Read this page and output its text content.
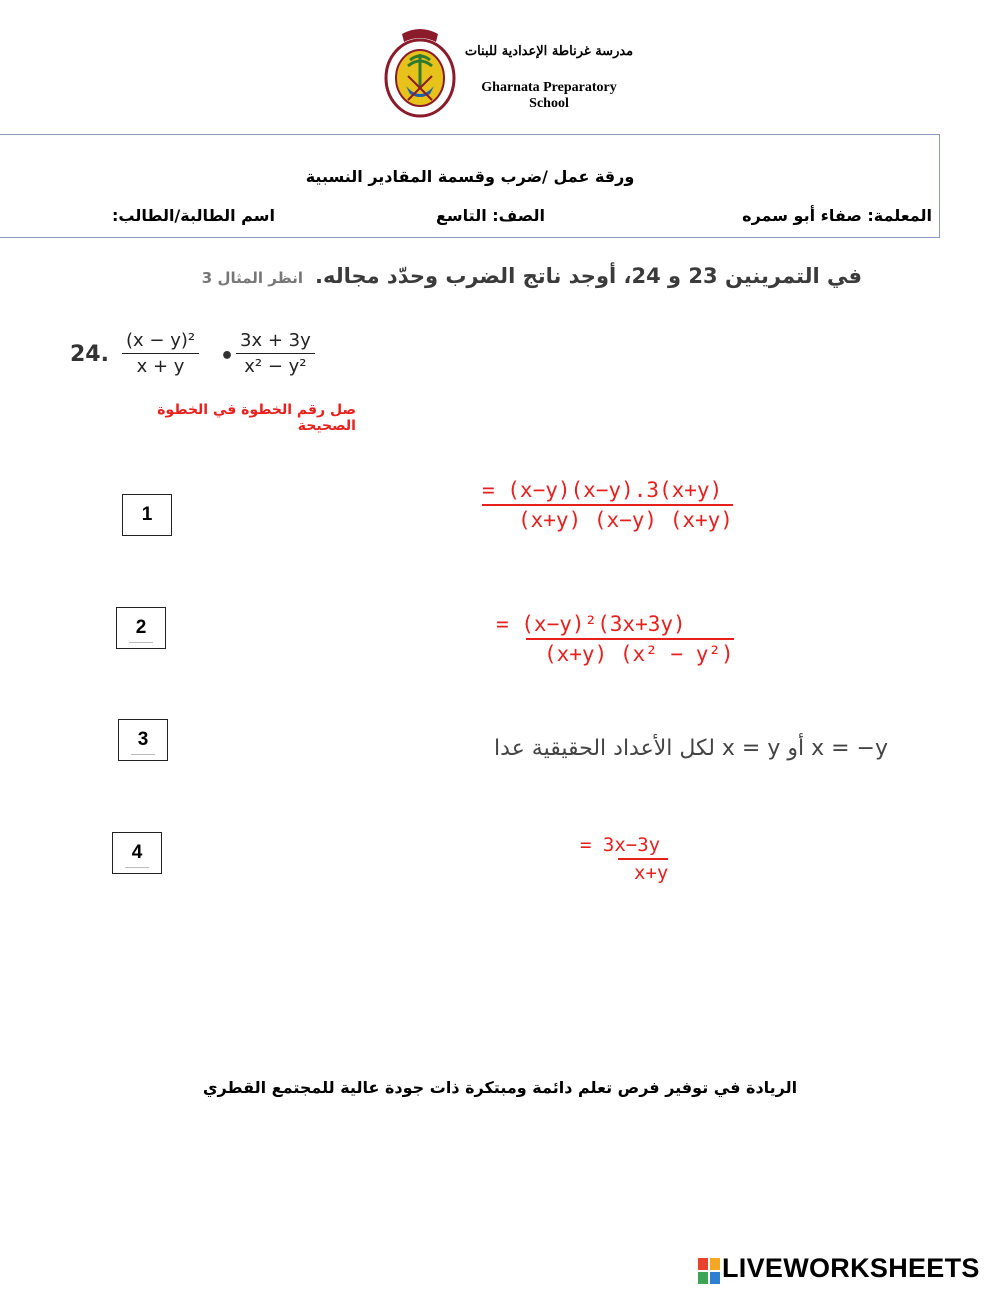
مدرسة غرناطة الإعدادية للبنات
Gharnata Preparatory School
ورقة عمل /ضرب وقسمة المقادير النسبية
المعلمة: صفاء أبو سمره
الصف: التاسع
اسم الطالبة/الطالب:
في التمرينين 23 و 24، أوجد ناتج الضرب وحدّد مجاله.انظر المثال 3
24. $\frac{\text{(x − y)²}}{x + y}$ • $\frac{3x + 3y}{\text{x² − y²}}$
صل رقم الخطوة في الخطوة الصحيحة
1
2
3
4
= (x−y)(x−y).3(x+y)
(x+y) (x−y) (x+y)
= (x−y)²(3x+3y)
(x+y) (x² − y²)
لكل الأعداد الحقيقية عدا x = y أو x = −y
= 3x−3y
x+y
الريادة في توفير فرص تعلم دائمة ومبتكرة ذات جودة عالية للمجتمع القطري
LIVEWORKSHEETS
